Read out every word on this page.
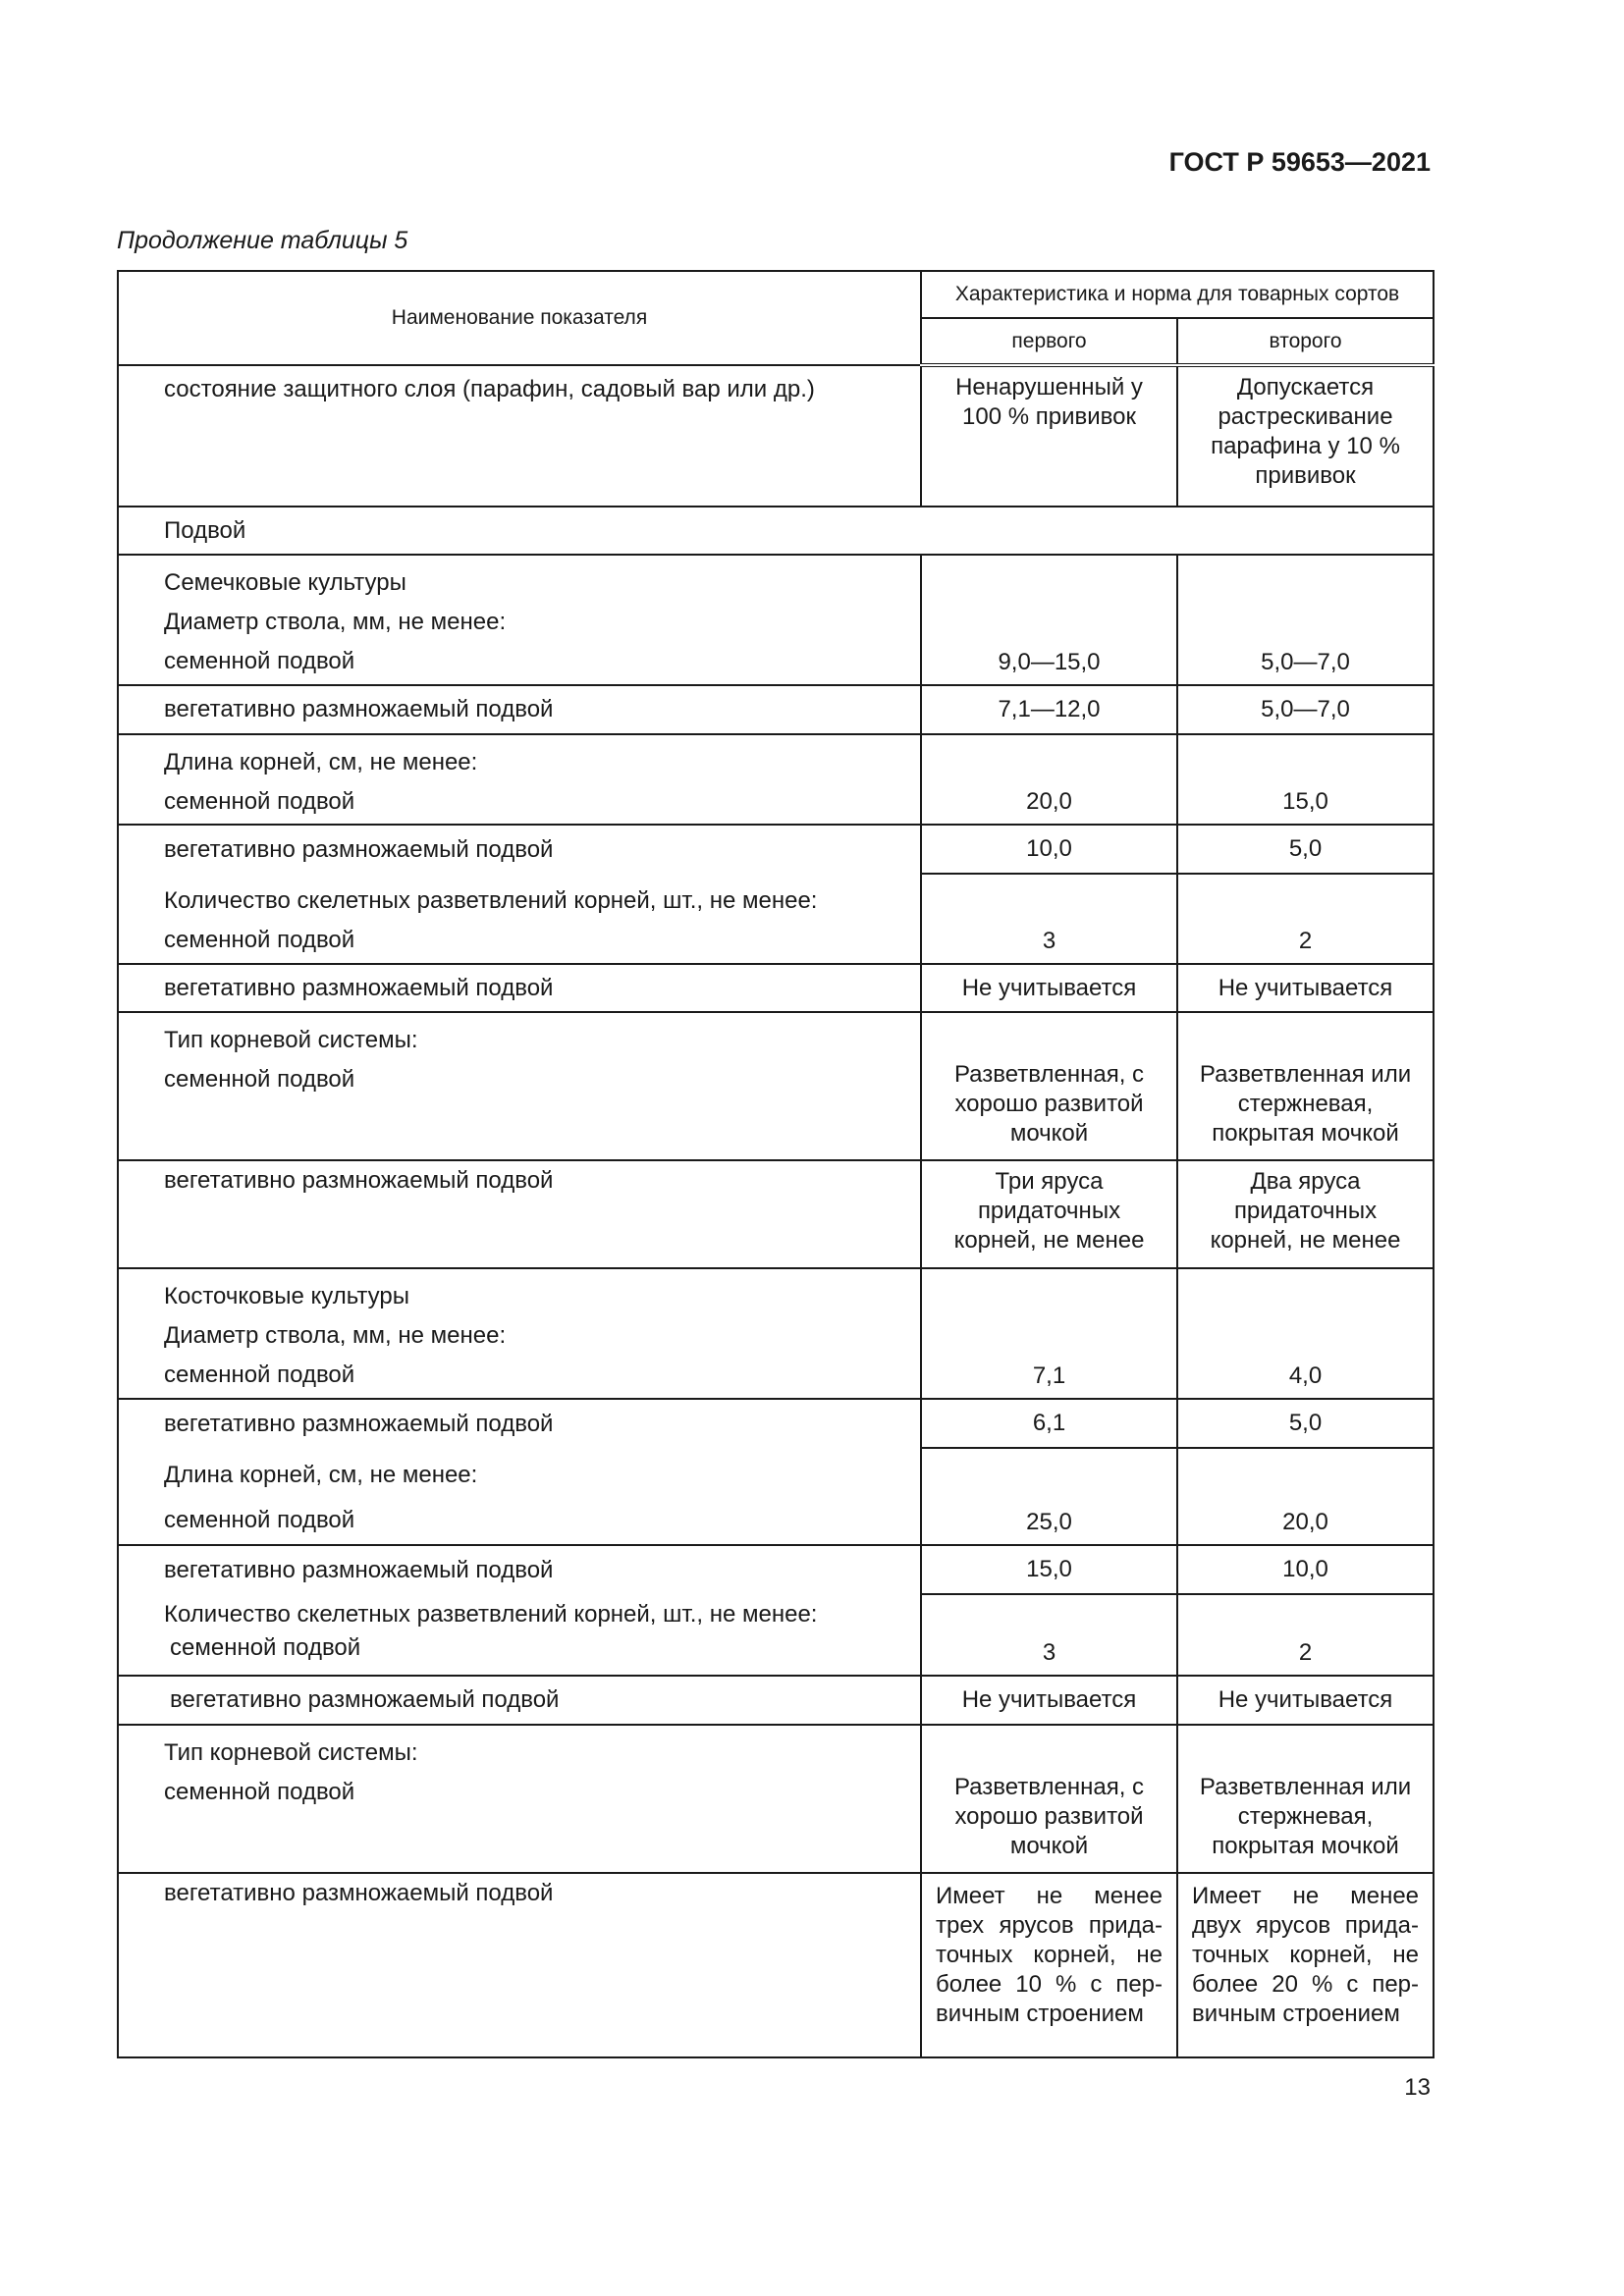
ГОСТ Р 59653—2021
Продолжение таблицы 5
Наименование показателя	Характеристика и норма для товарных сортов	
	первого	второго

состояние защитного слоя (парафин, садовый вар или др.)	Ненарушенный у 100 % прививок	Допускается растрескивание парафина у 10 % прививок
Подвой		

Семечковые культуры
Диаметр ствола, мм, не менее:
семенной подвой	9,0—15,0	5,0—7,0
вегетативно размножаемый подвой	7,1—12,0	5,0—7,0

Длина корней, см, не менее:
семенной подвой	20,0	15,0
вегетативно размножаемый подвой	10,0	5,0

Количество скелетных разветвлений корней, шт., не менее:
семенной подвой	3	2
вегетативно размножаемый подвой	Не учитывается	Не учитывается

Тип корневой системы:
семенной подвой	Разветвленная, с хорошо развитой мочкой	Разветвленная или стержневая, покрытая мочкой
вегетативно размножаемый подвой	Три яруса придаточных корней, не менее	Два яруса придаточных корней, не менее

Косточковые культуры
Диаметр ствола, мм, не менее:
семенной подвой	7,1	4,0
вегетативно размножаемый подвой	6,1	5,0

Длина корней, см, не менее:
семенной подвой	25,0	20,0
вегетативно размножаемый подвой	15,0	10,0

Количество скелетных разветвлений корней, шт., не менее:
семенной подвой	3	2
вегетативно размножаемый подвой	Не учитывается	Не учитывается

Тип корневой системы:
семенной подвой	Разветвленная, с хорошо развитой мочкой	Разветвленная или стержневая, покрытая мочкой
вегетативно размножаемый подвой	Имеет не менее трех ярусов прида-точных корней, не более 10 % с пер-вичным строением	Имеет не менее двух ярусов прида-точных корней, не более 20 % с пер-вичным строением
13
